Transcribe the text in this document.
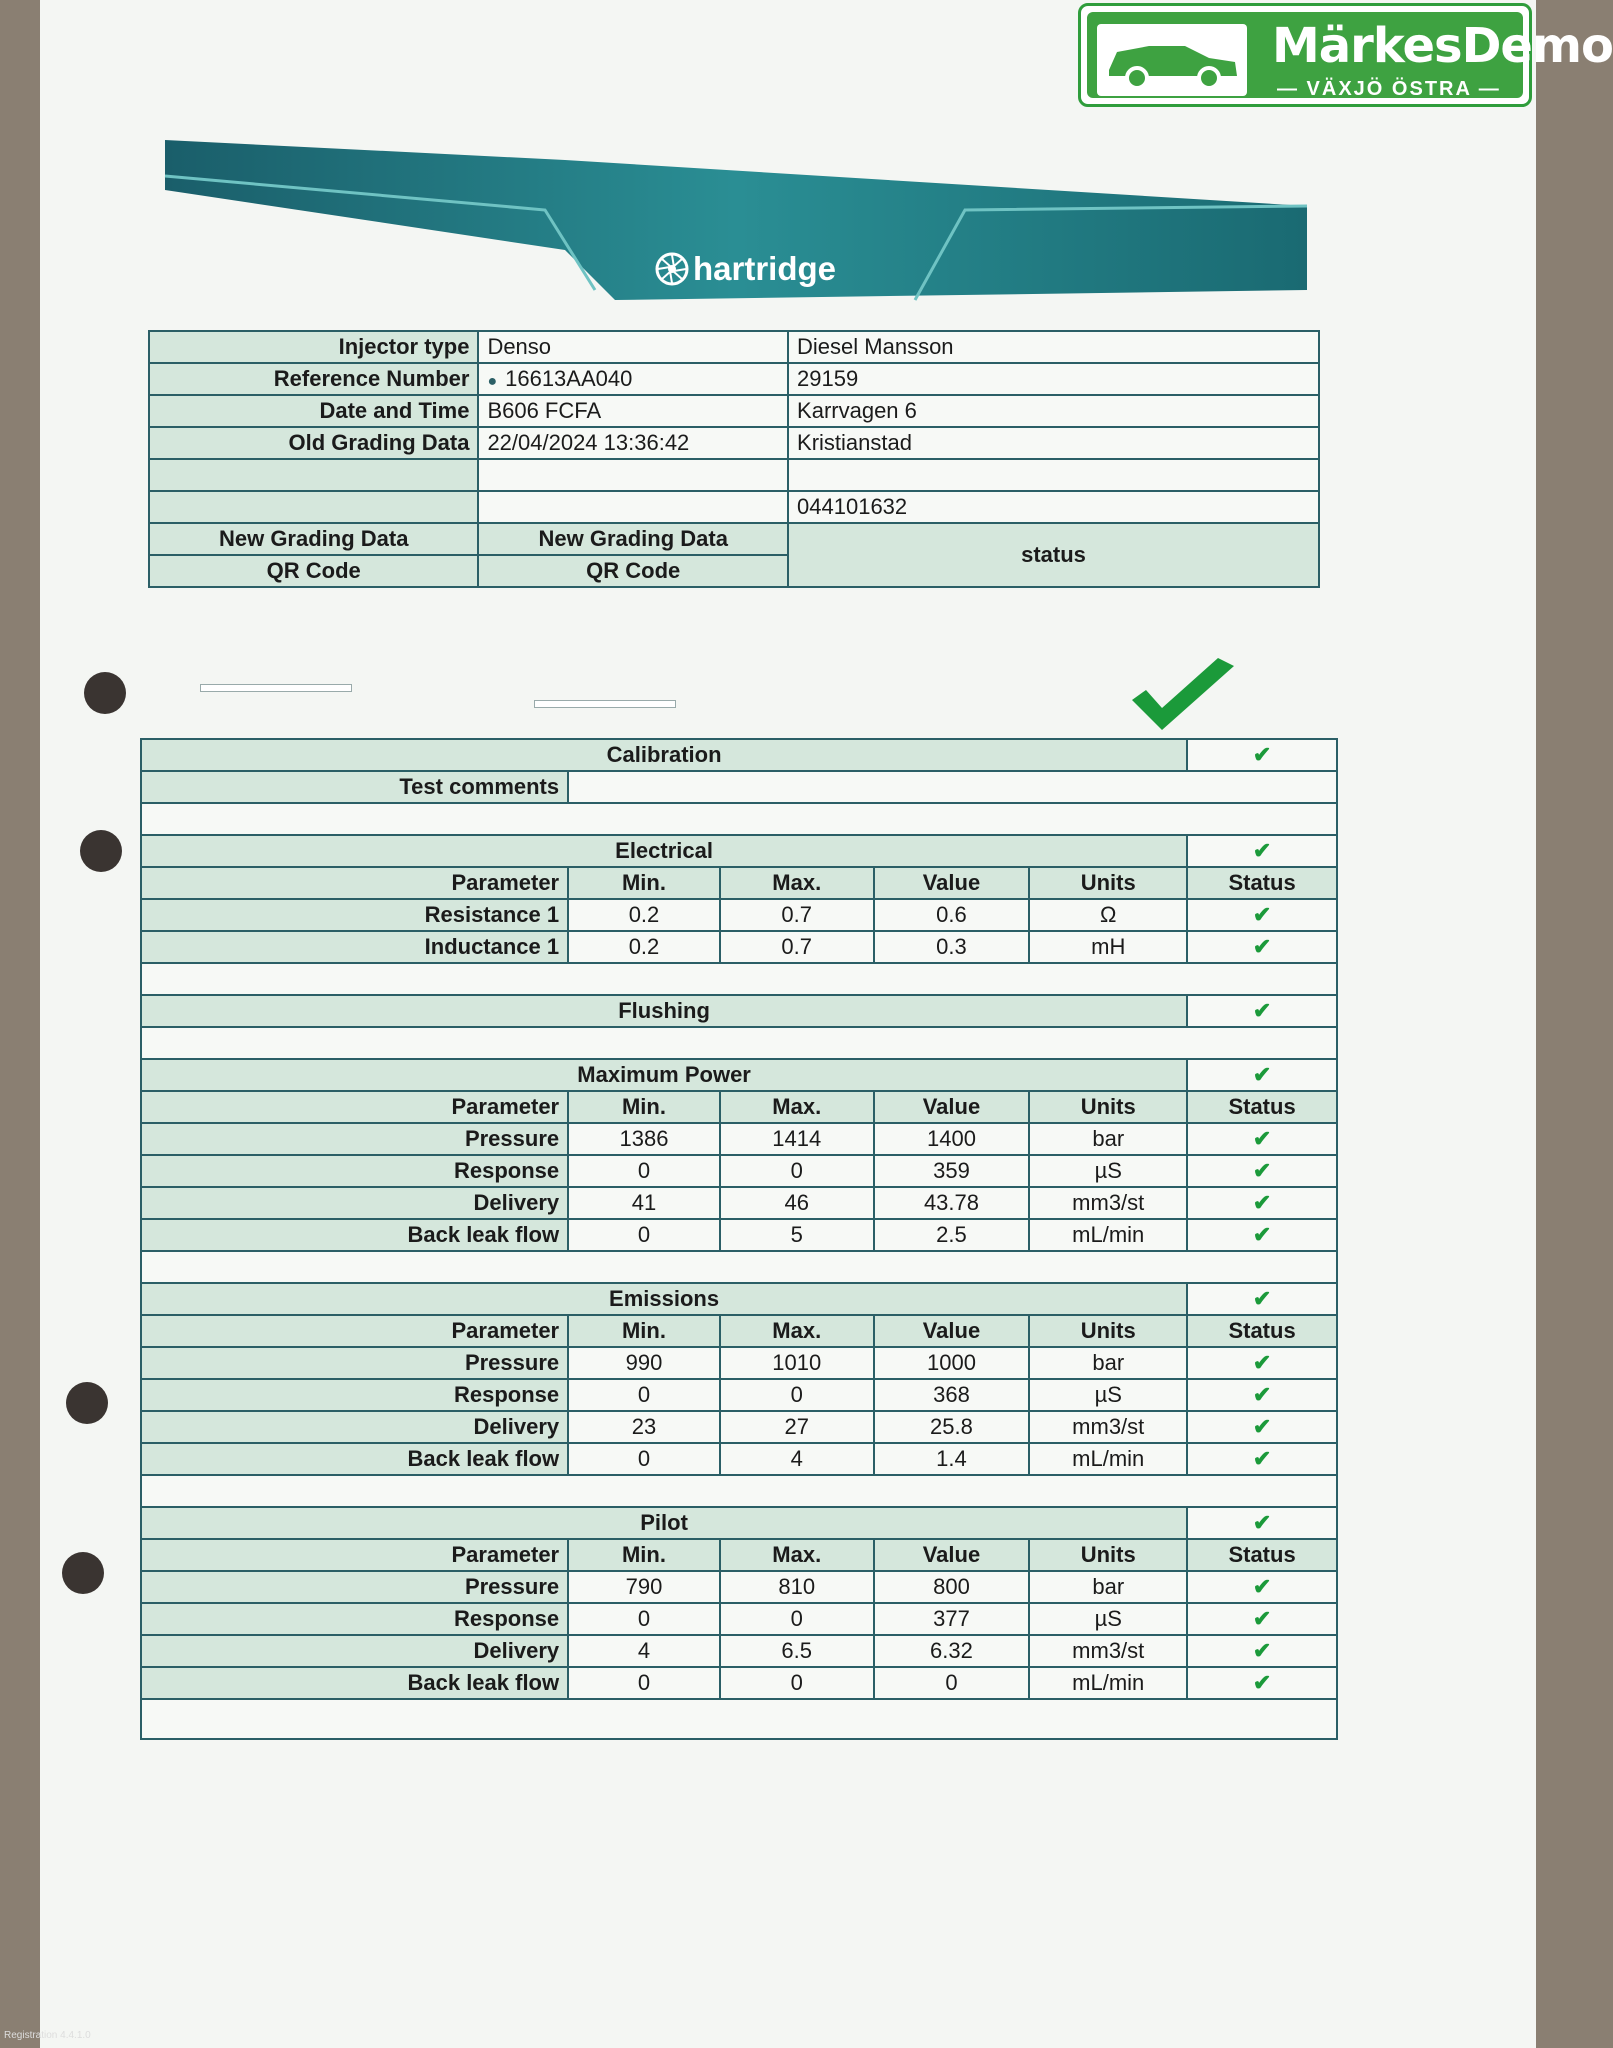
MärkesDemo
— VÄXJÖ ÖSTRA —
hartridge
Injector type	Denso	Diesel Mansson
Reference Number	● 16613AA040	29159
Date and Time	B606 FCFA	Karrvagen 6
Old Grading Data	22/04/2024 13:36:42	Kristianstad

		044101632
New Grading Data	New Grading Data	status
QR Code	QR Code	
Calibration					✔
Test comments					

Electrical					✔
Parameter	Min.	Max.	Value	Units	Status
Resistance 1	0.2	0.7	0.6	Ω	✔
Inductance 1	0.2	0.7	0.3	mH	✔

Flushing					✔

Maximum Power					✔
Parameter	Min.	Max.	Value	Units	Status
Pressure	1386	1414	1400	bar	✔
Response	0	0	359	µS	✔
Delivery	41	46	43.78	mm3/st	✔
Back leak flow	0	5	2.5	mL/min	✔

Emissions					✔
Parameter	Min.	Max.	Value	Units	Status
Pressure	990	1010	1000	bar	✔
Response	0	0	368	µS	✔
Delivery	23	27	25.8	mm3/st	✔
Back leak flow	0	4	1.4	mL/min	✔

Pilot					✔
Parameter	Min.	Max.	Value	Units	Status
Pressure	790	810	800	bar	✔
Response	0	0	377	µS	✔
Delivery	4	6.5	6.32	mm3/st	✔
Back leak flow	0	0	0	mL/min	✔

Registration 4.4.1.0
